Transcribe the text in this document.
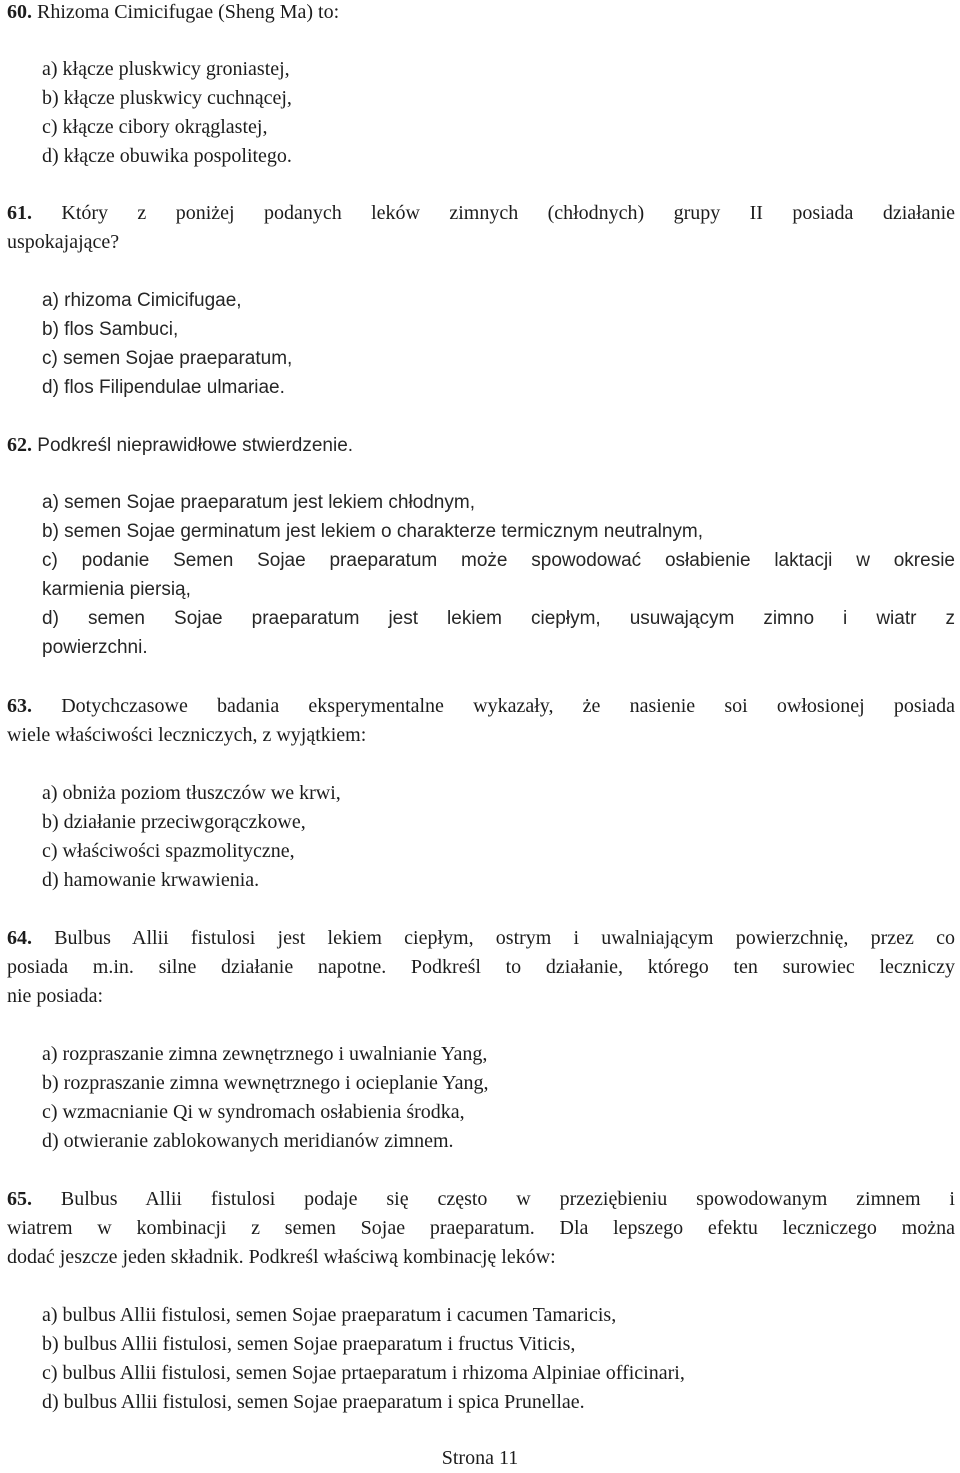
60. Rhizoma Cimicifugae (Sheng Ma) to:
a) kłącze pluskwicy groniastej,
b) kłącze pluskwicy cuchnącej,
c) kłącze cibory okrąglastej,
d) kłącze obuwika pospolitego.
61. Który z poniżej podanych leków zimnych (chłodnych) grupy II posiada działanie
uspokajające?
a) rhizoma Cimicifugae,
b) flos Sambuci,
c) semen Sojae praeparatum,
d) flos Filipendulae ulmariae.
62. Podkreśl nieprawidłowe stwierdzenie.
a) semen Sojae praeparatum jest lekiem chłodnym,
b) semen Sojae germinatum jest lekiem o charakterze termicznym neutralnym,
c) podanie Semen Sojae praeparatum może spowodować osłabienie laktacji w okresie
karmienia piersią,
d) semen Sojae praeparatum jest lekiem ciepłym, usuwającym zimno i wiatr z
powierzchni.
63. Dotychczasowe badania eksperymentalne wykazały, że nasienie soi owłosionej posiada
wiele właściwości leczniczych, z wyjątkiem:
a) obniża poziom tłuszczów we krwi,
b) działanie przeciwgorączkowe,
c) właściwości spazmolityczne,
d) hamowanie krwawienia.
64. Bulbus Allii fistulosi jest lekiem ciepłym, ostrym i uwalniającym powierzchnię, przez co
posiada m.in. silne działanie napotne. Podkreśl to działanie, którego ten surowiec leczniczy
nie posiada:
a) rozpraszanie zimna zewnętrznego i uwalnianie Yang,
b) rozpraszanie zimna wewnętrznego i ocieplanie Yang,
c) wzmacnianie Qi w syndromach osłabienia środka,
d) otwieranie zablokowanych meridianów zimnem.
65. Bulbus Allii fistulosi podaje się często w przeziębieniu spowodowanym zimnem i
wiatrem w kombinacji z semen Sojae praeparatum. Dla lepszego efektu leczniczego można
dodać jeszcze jeden składnik. Podkreśl właściwą kombinację leków:
a) bulbus Allii fistulosi, semen Sojae praeparatum i cacumen Tamaricis,
b) bulbus Allii fistulosi, semen Sojae praeparatum i fructus Viticis,
c) bulbus Allii fistulosi, semen Sojae prtaeparatum i rhizoma Alpiniae officinari,
d) bulbus Allii fistulosi, semen Sojae praeparatum i spica Prunellae.
Strona 11
